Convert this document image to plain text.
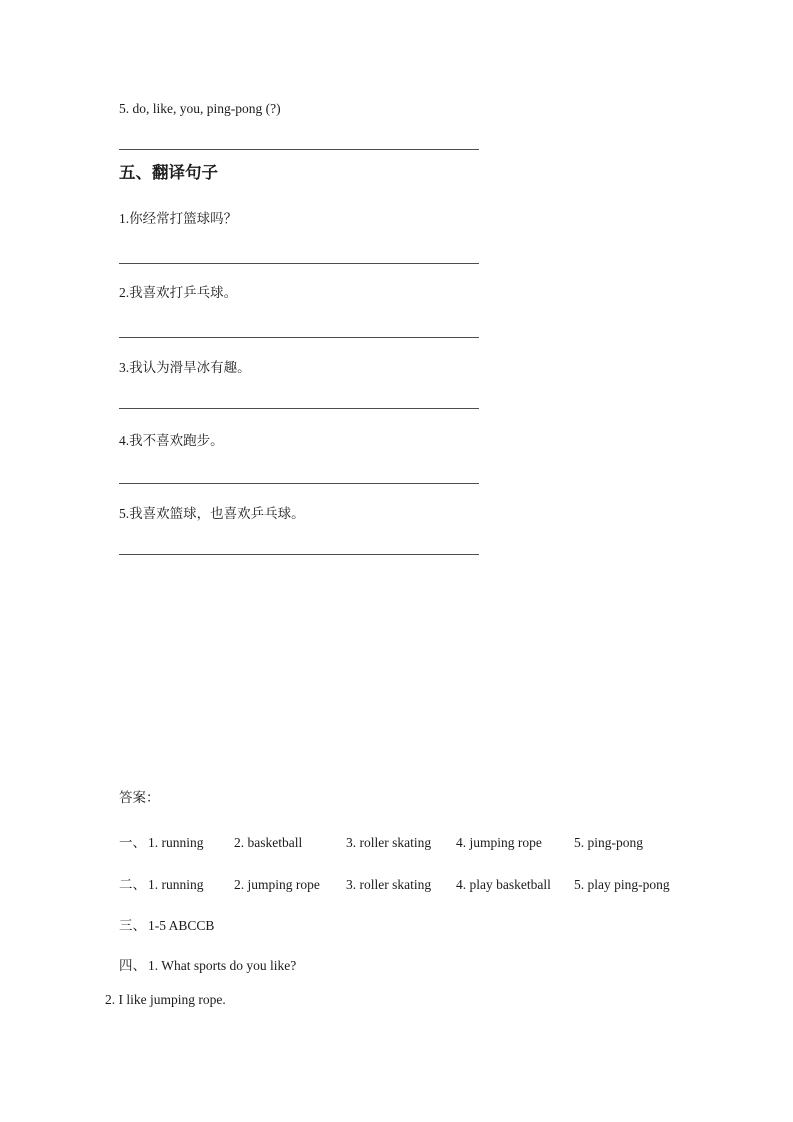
5. do, like, you, ping-pong (?)
五、翻译句子
1.你经常打篮球吗？
2.我喜欢打乒乓球。
3.我认为滑旱冰有趣。
4.我不喜欢跑步。
5.我喜欢篮球，也喜欢乒乓球。
答案：
一、 1. running 2. basketball	3. roller skating 4. jumping rope 5. ping-pong
二、 1. running 2. jumping rope 3. roller skating 4. play basketball 5. play ping-pong
三、 1-5 ABCCB
四、 1. What sports do you like?
2. I like jumping rope.
